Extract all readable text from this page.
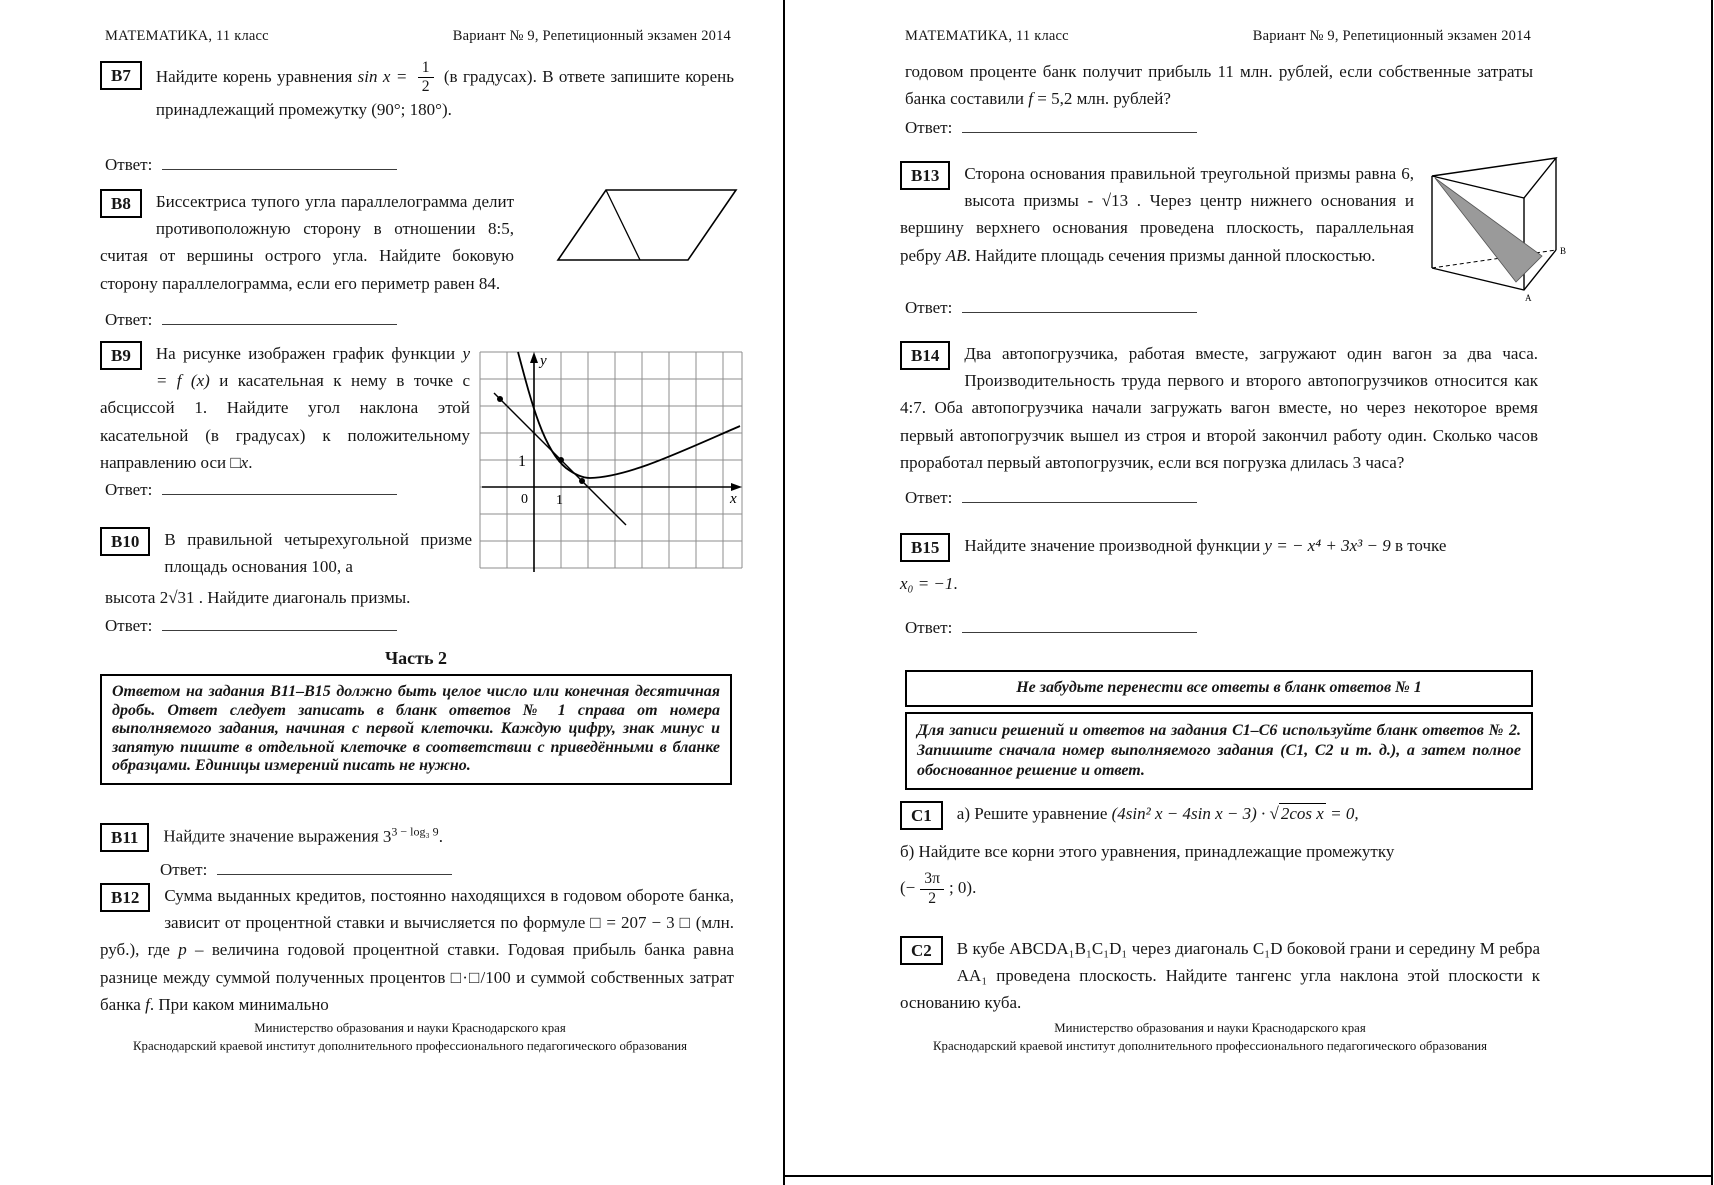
МАТЕМАТИКА, 11 класс	Вариант № 9, Репетиционный экзамен 2014
В7	Найдите корень уравнения $\sin x = \frac{1}{2} (в$ градусах). В ответе запишите корень принадлежащий промежутку (90°; 180°).
Ответ:
В8	Биссектриса тупого угла параллелограмма делит противоположную сторону в отношении 8:5, считая от вершины острого угла. Найдите боковую сторону параллелограмма, если его периметр равен 84.
Ответ:
В9	На рисунке изображен график функции y = f (x) и касательная к нему в точке с абсциссой 1. Найдите угол наклона этой касательной (в градусах) к положительному направлению оси □x.
y
x
0 1
1
Ответ:
В10	В правильной четырехугольной призме площадь основания 100, а
высота 2√31 . Найдите диагональ призмы.
Ответ:
Часть 2
Ответом на задания В11–В15 должно быть целое число или конечная десятичная дробь. Ответ следует записать в бланк ответов № 1 справа от номера выполняемого задания, начиная с первой клеточки. Каждую цифру, знак минус и запятую пишите в отдельной клеточке в соответствии с приведёнными в бланке образцами. Единицы измерений писать не нужно.
В11	Найдите значение выражения $3^{3 - log_3 9}$.
Ответ:
В12	Сумма выданных кредитов, постоянно находящихся в годовом обороте банка, зависит от процентной ставки и вычисляется по формуле □ = 207 − 3 □ (млн. руб.), где p – величина годовой процентной ставки. Годовая прибыль банка равна разнице между суммой полученных процентов □·□/100 и суммой собственных затрат банка f. При каком минимально
Министерство образования и науки Краснодарского края
Краснодарский краевой институт дополнительного профессионального педагогического образования
МАТЕМАТИКА, 11 класс	Вариант № 9, Репетиционный экзамен 2014
годовом проценте банк получит прибыль 11 млн. рублей, если собственные затраты банка составили f = 5,2 млн. рублей?
Ответ:
В13	Сторона основания правильной треугольной призмы равна 6, высота призмы - √13 . Через центр нижнего основания и вершину верхнего основания проведена плоскость, параллельная ребру AB. Найдите площадь сечения призмы данной плоскостью.	B
A
Ответ:
В14	Два автопогрузчика, работая вместе, загружают один вагон за два часа. Производительность труда первого и второго автопогрузчиков относится как 4:7. Оба автопогрузчика начали загружать вагон вместе, но через некоторое время первый автопогрузчик вышел из строя и второй закончил работу один. Сколько часов проработал первый автопогрузчик, если вся погрузка длилась 3 часа?
Ответ:
В15	Найдите значение производной функции y = − x⁴ + 3x³ − 9 в точке
x₀ = −1.
Ответ:
Не забудьте перенести все ответы в бланк ответов № 1
Для записи решений и ответов на задания С1–С6 используйте бланк ответов № 2. Запишите сначала номер выполняемого задания (С1, С2 и т. д.), а затем полное обоснованное решение и ответ.
С1	а) Решите уравнение (4sin² x − 4sin x − 3) · √ 2cos x = 0,
б) Найдите все корни этого уравнения, принадлежащие промежутку
(− $\frac{3\pi}{2}$ ; 0).
С2	В кубе ABCDA₁B₁C₁D₁ через диагональ C₁D боковой грани и середину M ребра AA₁ проведена плоскость. Найдите тангенс угла наклона этой плоскости к основанию куба.
Министерство образования и науки Краснодарского края
Краснодарский краевой институт дополнительного профессионального педагогического образования
